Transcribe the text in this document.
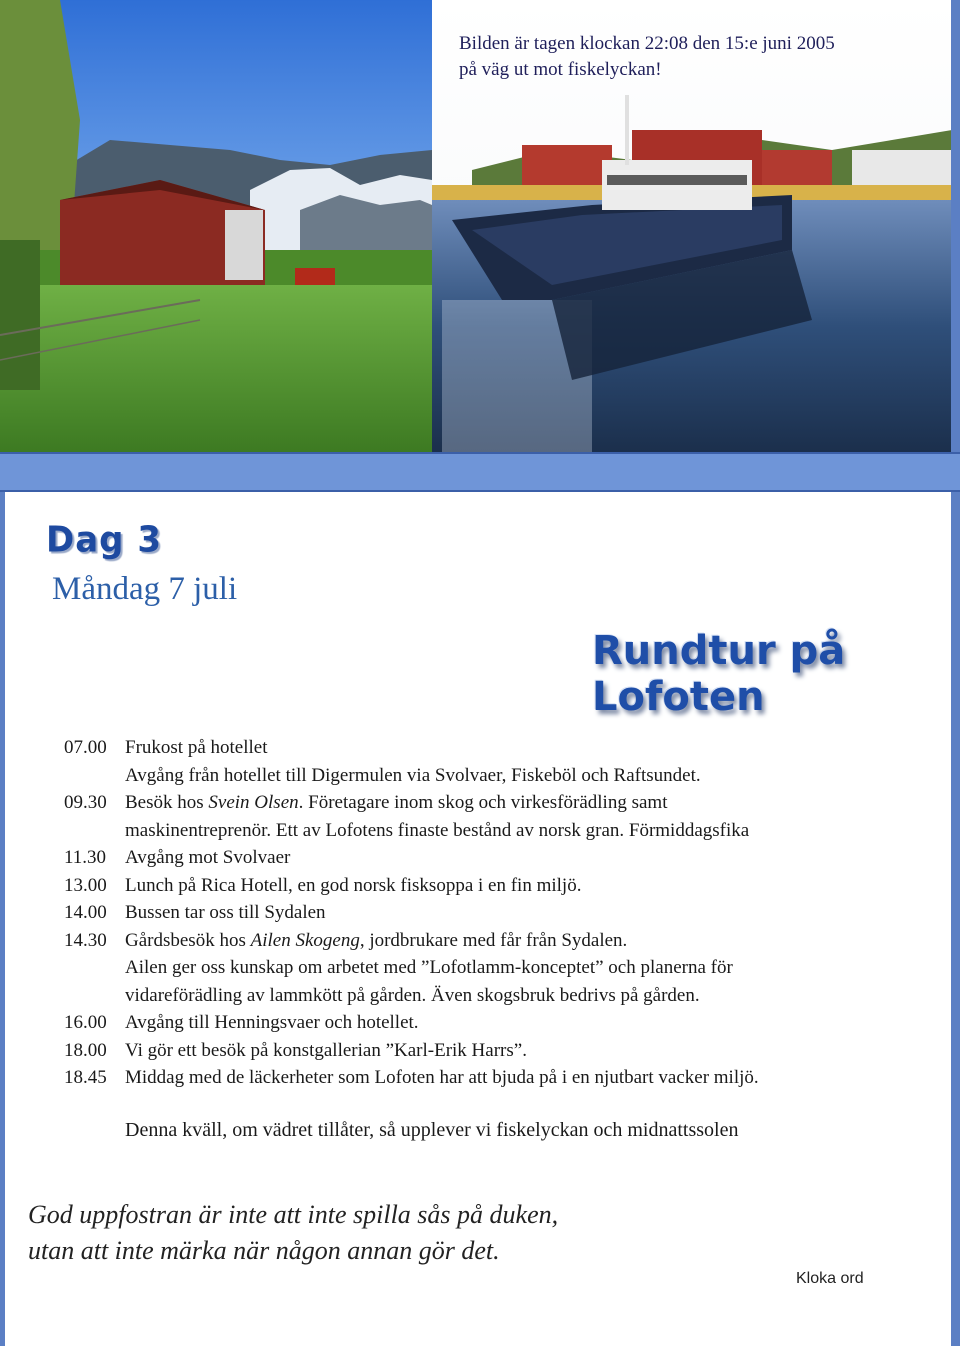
Bilden är tagen klockan 22:08 den 15:e juni 2005
på väg ut mot fiskelyckan!
Dag 3
Måndag 7 juli
Rundtur på Lofoten
07.00 Frukost på hotellet
Avgång från hotellet till Digermulen via Svolvaer, Fiskeböl och Raftsundet.
09.30 Besök hos Svein Olsen. Företagare inom skog och virkesförädling samt
maskinentreprenör. Ett av Lofotens finaste bestånd av norsk gran. Förmiddagsfika
11.30 Avgång mot Svolvaer
13.00 Lunch på Rica Hotell, en god norsk fisksoppa i en fin miljö.
14.00 Bussen tar oss till Sydalen
14.30 Gårdsbesök hos Ailen Skogeng, jordbrukare med får från Sydalen.
Ailen ger oss kunskap om arbetet med ”Lofotlamm-konceptet” och planerna för
vidareförädling av lammkött på gården. Även skogsbruk bedrivs på gården.
16.00 Avgång till Henningsvaer och hotellet.
18.00 Vi gör ett besök på konstgallerian ”Karl-Erik Harrs”.
18.45 Middag med de läckerheter som Lofoten har att bjuda på i en njutbart vacker miljö.
Denna kväll, om vädret tillåter, så upplever vi fiskelyckan och midnattssolen
God uppfostran är inte att inte spilla sås på duken,
utan att inte märka när någon annan gör det.
Kloka ord
